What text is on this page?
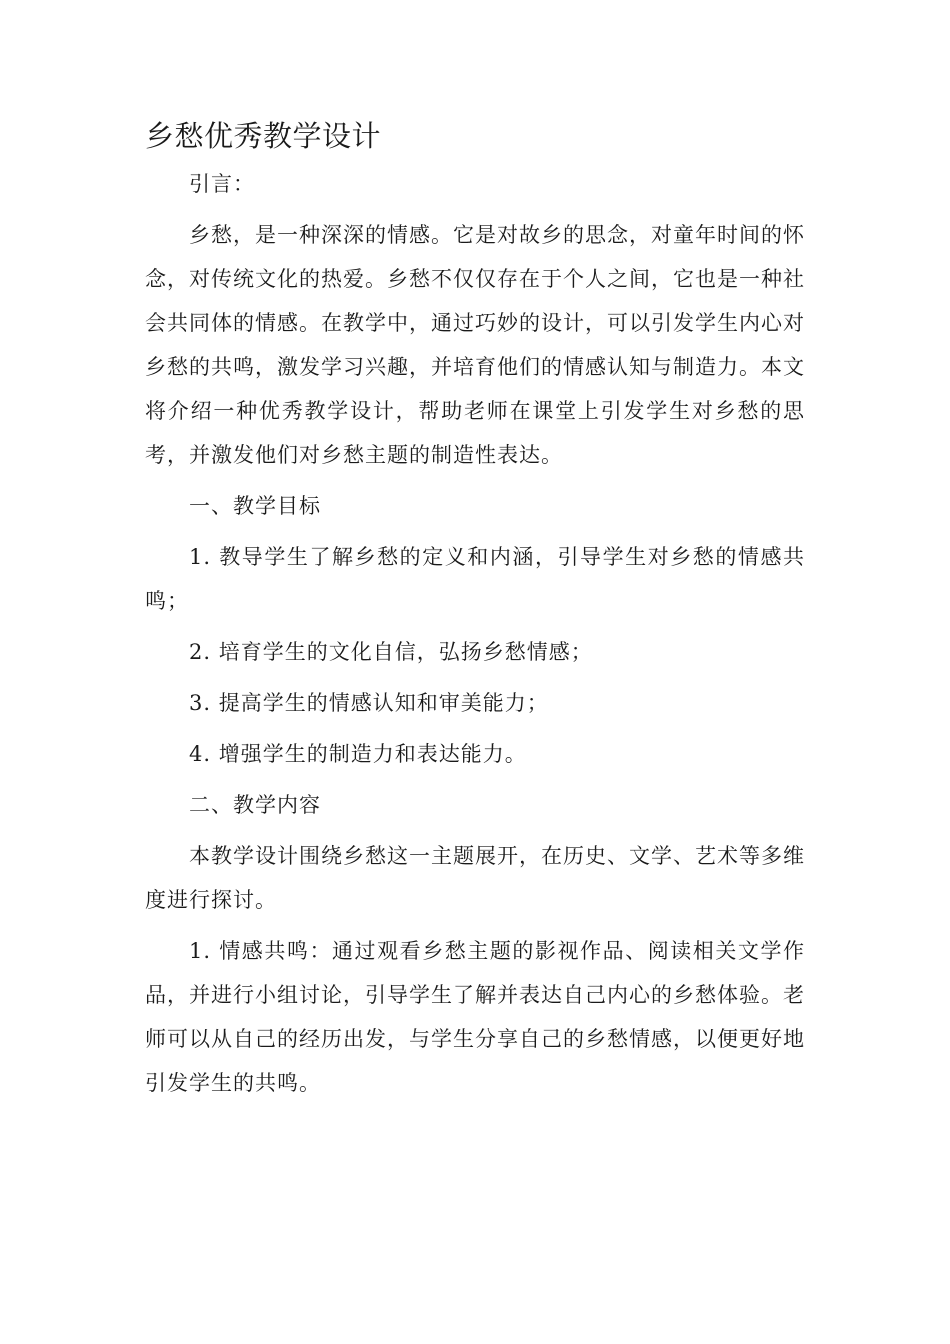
乡愁优秀教学设计

引言：

乡愁，是一种深深的情感。它是对故乡的思念，对童年时间的怀念，对传统文化的热爱。乡愁不仅仅存在于个人之间，它也是一种社会共同体的情感。在教学中，通过巧妙的设计，可以引发学生内心对乡愁的共鸣，激发学习兴趣，并培育他们的情感认知与制造力。本文将介绍一种优秀教学设计，帮助老师在课堂上引发学生对乡愁的思考，并激发他们对乡愁主题的制造性表达。

一、教学目标

1. 教导学生了解乡愁的定义和内涵，引导学生对乡愁的情感共鸣；

2. 培育学生的文化自信，弘扬乡愁情感；

3. 提高学生的情感认知和审美能力；

4. 增强学生的制造力和表达能力。

二、教学内容

本教学设计围绕乡愁这一主题展开，在历史、文学、艺术等多维度进行探讨。

1. 情感共鸣：通过观看乡愁主题的影视作品、阅读相关文学作品，并进行小组讨论，引导学生了解并表达自己内心的乡愁体验。老师可以从自己的经历出发，与学生分享自己的乡愁情感，以便更好地引发学生的共鸣。
